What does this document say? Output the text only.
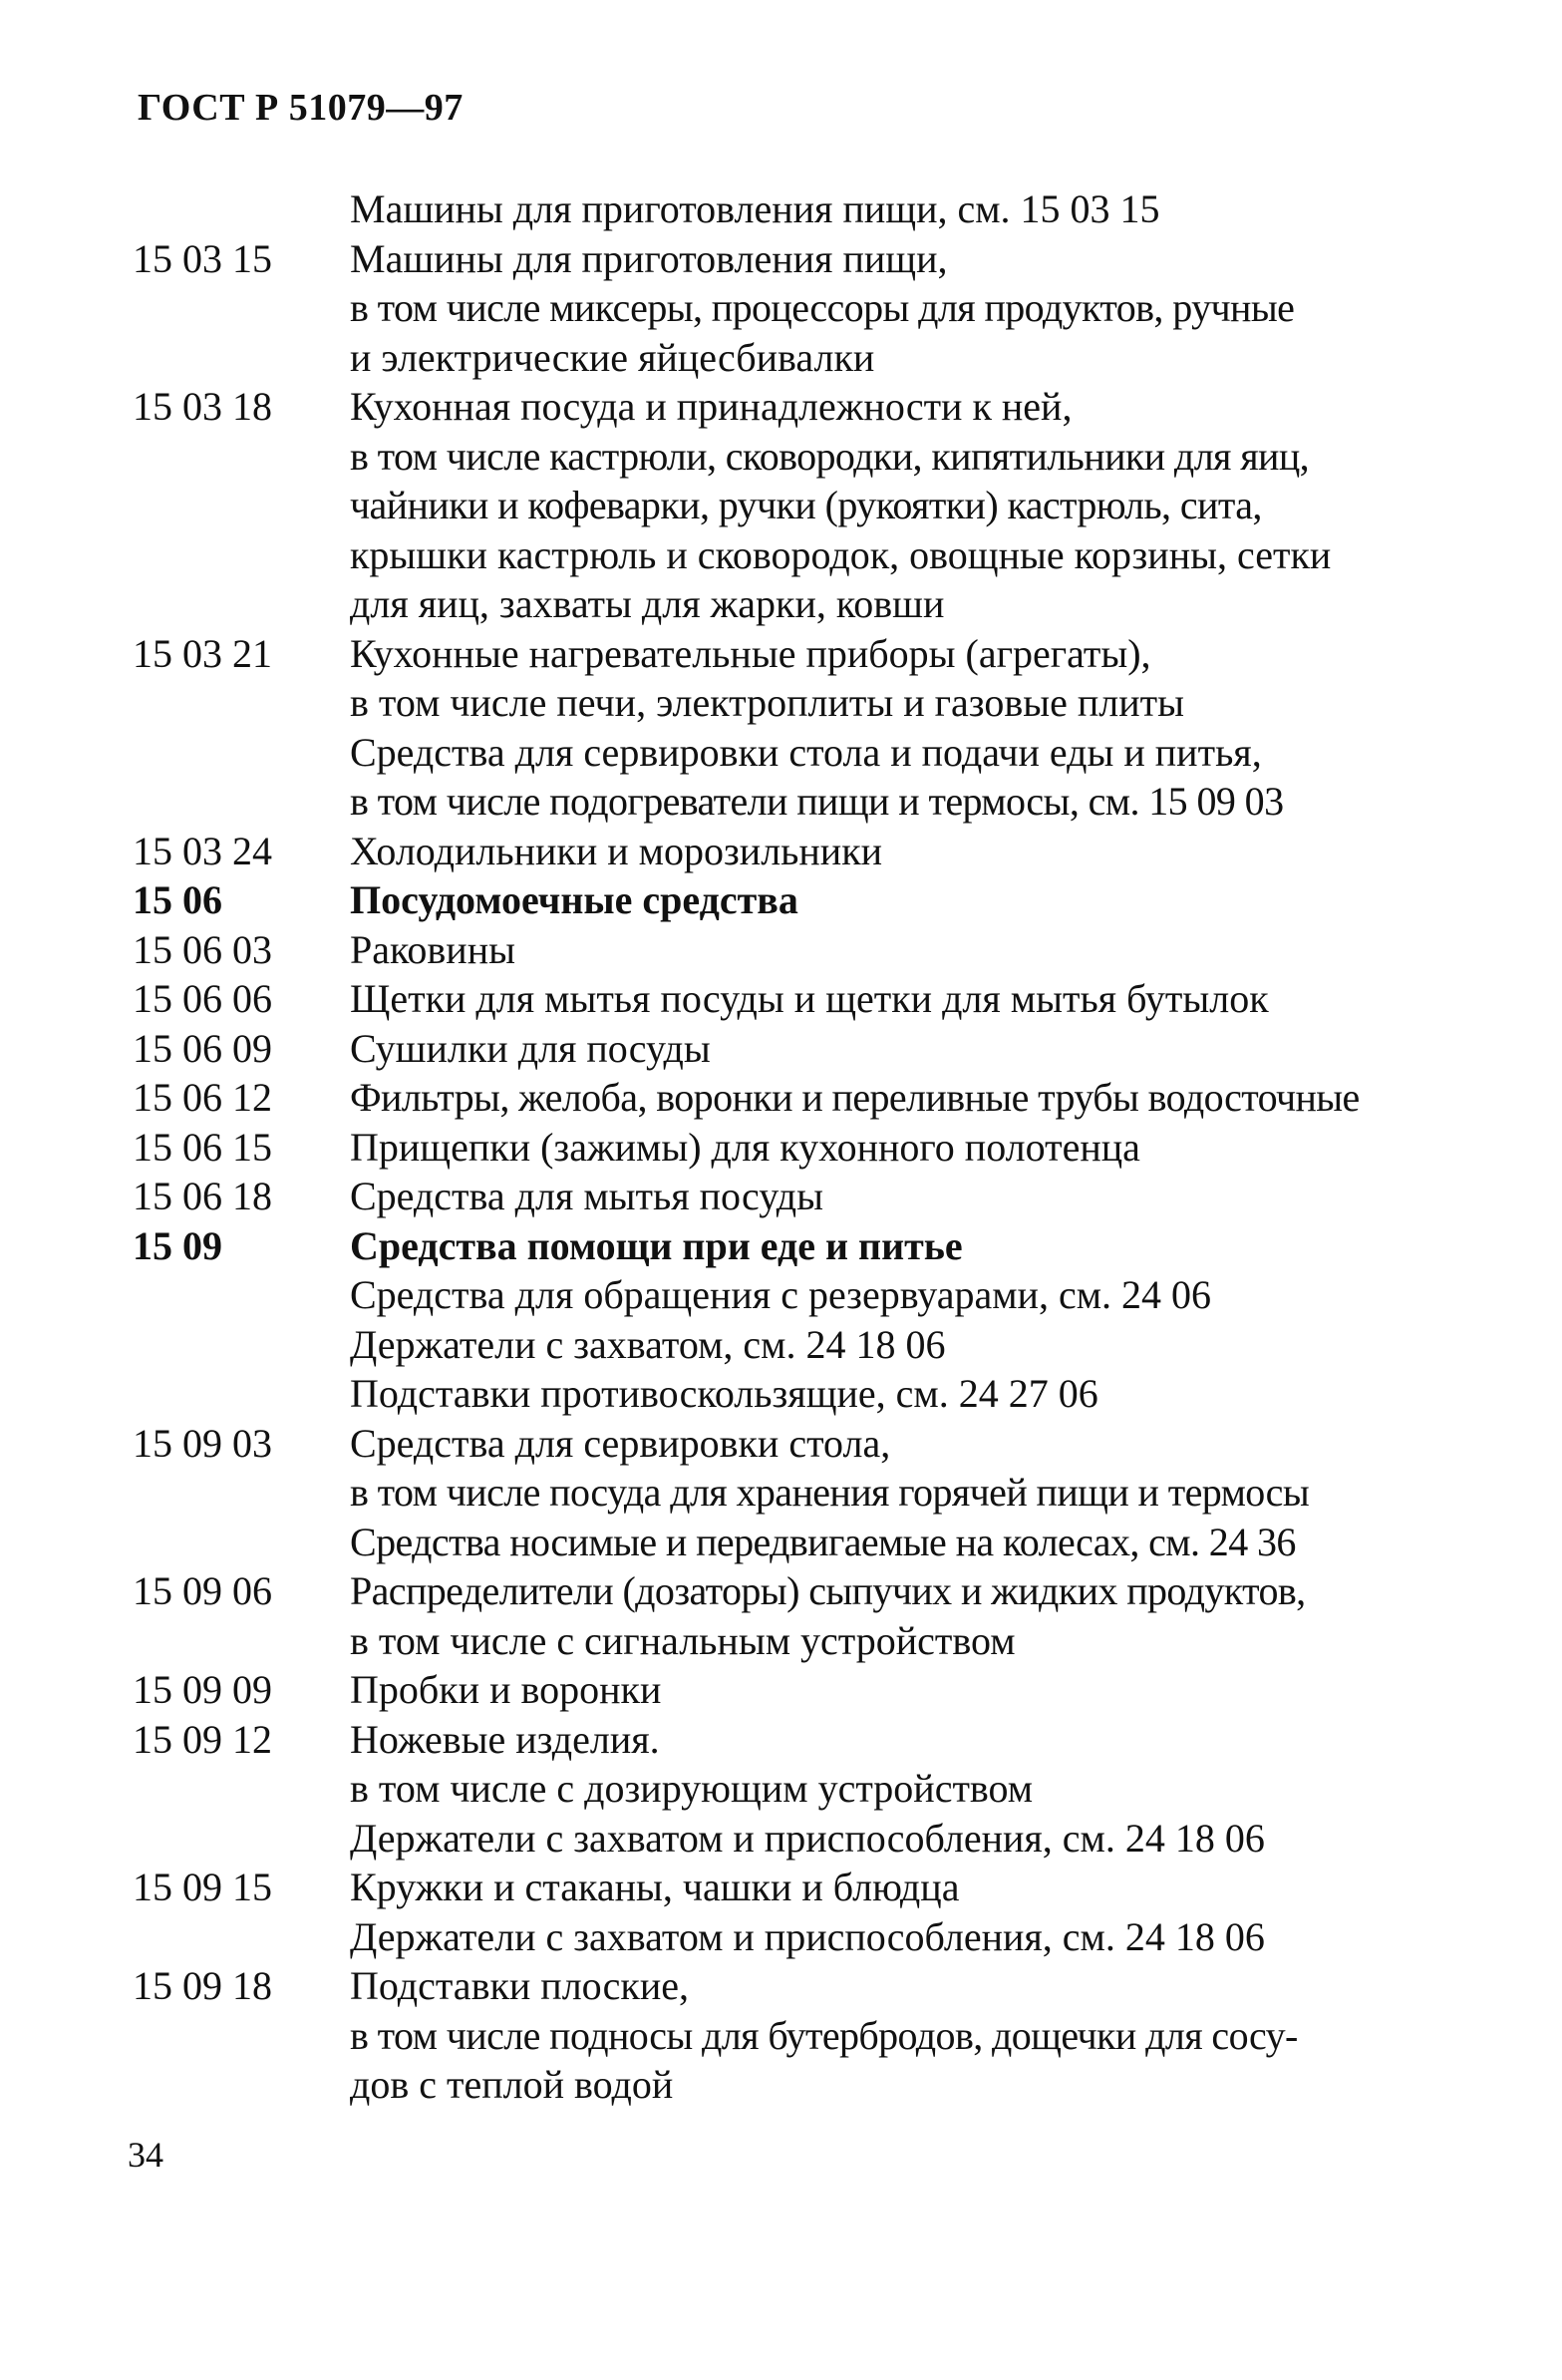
ГОСТ Р 51079—97
Машины для приготовления пищи, см. 15 03 15
15 03 15 Машины для приготовления пищи,
в том числе миксеры, процессоры для продуктов, ручные
и электрические яйцесбивалки
15 03 18 Кухонная посуда и принадлежности к ней,
в том числе кастрюли, сковородки, кипятильники для яиц,
чайники и кофеварки, ручки (рукоятки) кастрюль, сита,
крышки кастрюль и сковородок, овощные корзины, сетки
для яиц, захваты для жарки, ковши
15 03 21 Кухонные нагревательные приборы (агрегаты),
в том числе печи, электроплиты и газовые плиты
Средства для сервировки стола и подачи еды и питья,
в том числе подогреватели пищи и термосы, см. 15 09 03
15 03 24 Холодильники и морозильники
15 06	Посудомоечные средства
15 06 03 Раковины
15 06 06 Щетки для мытья посуды и щетки для мытья бутылок
15 06 09 Сушилки для посуды
15 06 12 Фильтры, желоба, воронки и переливные трубы водосточные
15 06 15 Прищепки (зажимы) для кухонного полотенца
15 06 18 Средства для мытья посуды
15 09	Средства помощи при еде и питье
Средства для обращения с резервуарами, см. 24 06
Держатели с захватом, см. 24 18 06
Подставки противоскользящие, см. 24 27 06
15 09 03 Средства для сервировки стола,
в том числе посуда для хранения горячей пищи и термосы
Средства носимые и передвигаемые на колесах, см. 24 36
15 09 06 Распределители (дозаторы) сыпучих и жидких продуктов,
в том числе с сигнальным устройством
15 09 09 Пробки и воронки
15 09 12 Ножевые изделия.
в том числе с дозирующим устройством
Держатели с захватом и приспособления, см. 24 18 06
15 09 15 Кружки и стаканы, чашки и блюдца
Держатели с захватом и приспособления, см. 24 18 06
15 09 18 Подставки плоские,
в том числе подносы для бутербродов, дощечки для сосу-
дов с теплой водой
34
